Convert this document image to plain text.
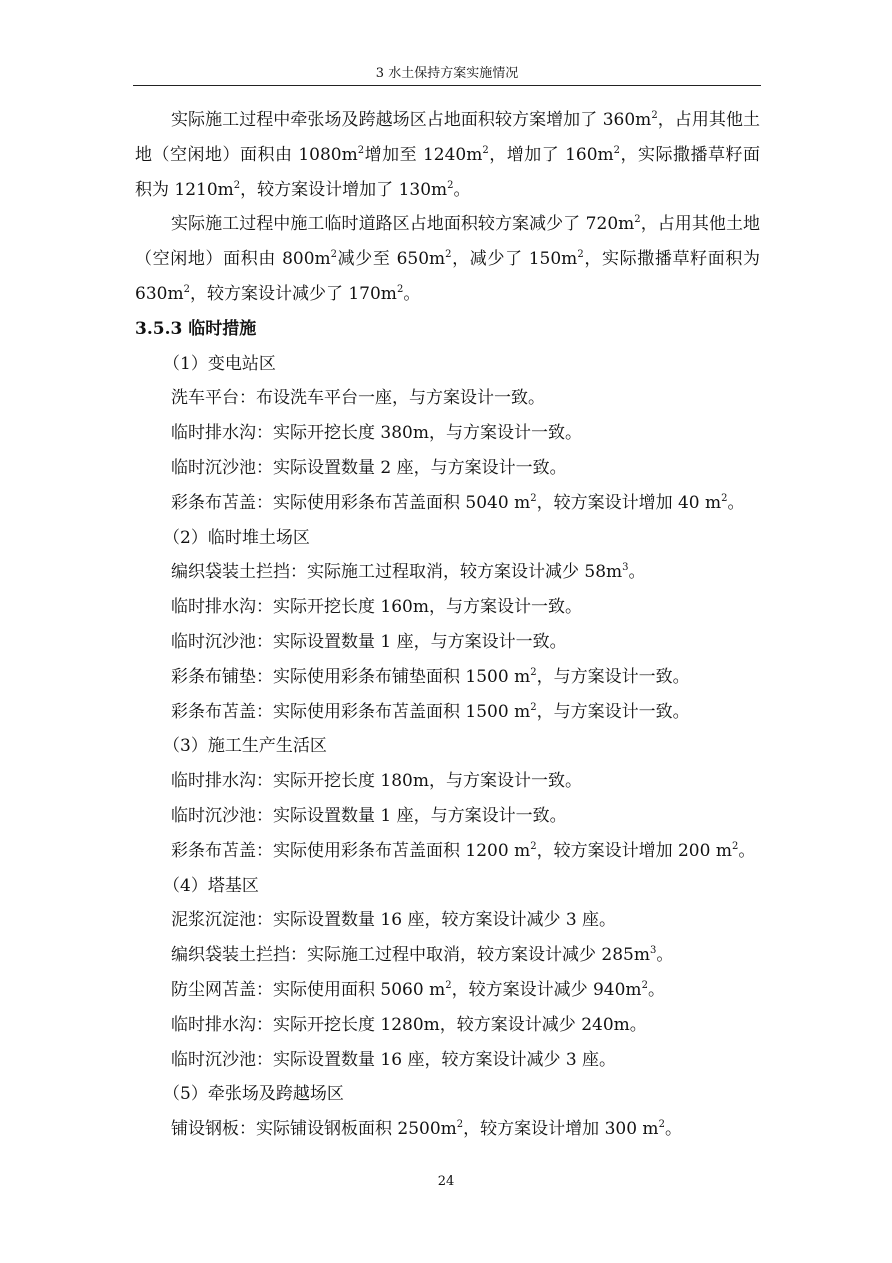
3 水土保持方案实施情况

实际施工过程中牵张场及跨越场区占地面积较方案增加了 $360m^2$，占用其他土地（空闲地）面积由 $1080m^2$增加至 $1240m^2$，增加了 $160m^2$，实际撒播草籽面积为 $1210m^2$，较方案设计增加了 $130m^2$。

实际施工过程中施工临时道路区占地面积较方案减少了 $720m^2$，占用其他土地（空闲地）面积由 $800m^2$减少至 $650m^2$，减少了 $150m^2$，实际撒播草籽面积为 $630m^2$，较方案设计减少了 $170m^2$。

3.5.3 临时措施

（1）变电站区

洗车平台：布设洗车平台一座，与方案设计一致。

临时排水沟：实际开挖长度 380m，与方案设计一致。

临时沉沙池：实际设置数量 2 座，与方案设计一致。

彩条布苫盖：实际使用彩条布苫盖面积 5040 $m^2$，较方案设计增加 40 $m^2$。

（2）临时堆土场区

编织袋装土拦挡：实际施工过程取消，较方案设计减少 $58m^3$。

临时排水沟：实际开挖长度 160m，与方案设计一致。

临时沉沙池：实际设置数量 1 座，与方案设计一致。

彩条布铺垫：实际使用彩条布铺垫面积 1500 $m^2$，与方案设计一致。

彩条布苫盖：实际使用彩条布苫盖面积 1500 $m^2$，与方案设计一致。

（3）施工生产生活区

临时排水沟：实际开挖长度 180m，与方案设计一致。

临时沉沙池：实际设置数量 1 座，与方案设计一致。

彩条布苫盖：实际使用彩条布苫盖面积 1200 $m^2$，较方案设计增加 200 $m^2$。

（4）塔基区

泥浆沉淀池：实际设置数量 16 座，较方案设计减少 3 座。

编织袋装土拦挡：实际施工过程中取消，较方案设计减少 $285m^3$。

防尘网苫盖：实际使用面积 5060 $m^2$，较方案设计减少 $940m^2$。

临时排水沟：实际开挖长度 1280m，较方案设计减少 240m。

临时沉沙池：实际设置数量 16 座，较方案设计减少 3 座。

（5）牵张场及跨越场区

铺设钢板：实际铺设钢板面积 $2500m^2$，较方案设计增加 300 $m^2$。

24
